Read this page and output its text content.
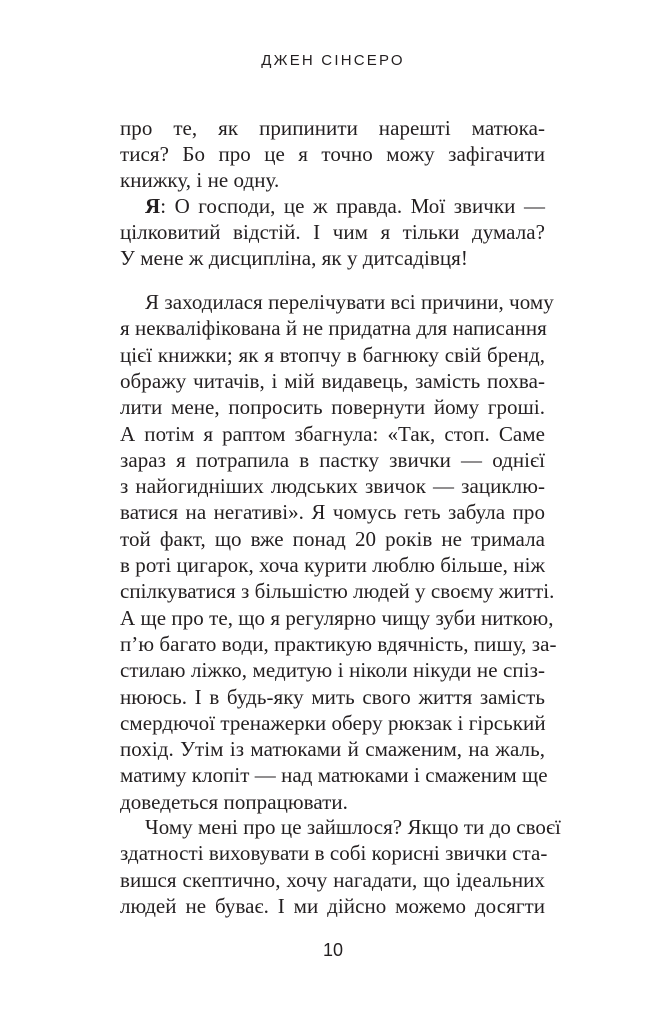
ДЖЕН СІНСЕРО
про те, як припинити нарешті матюка-
тися? Бо про це я точно можу зафігачити
книжку, і не одну.
Я: О господи, це ж правда. Мої звички —
цілковитий відстій. І чим я тільки думала?
У мене ж дисципліна, як у дитсадівця!
Я заходилася перелічувати всі причини, чому
я некваліфікована й не придатна для написання
цієї книжки; як я втопчу в багнюку свій бренд,
ображу читачів, і мій видавець, замість похва-
лити мене, попросить повернути йому гроші.
А потім я раптом збагнула: «Так, стоп. Саме
зараз я потрапила в пастку звички — однієї
з найогидніших людських звичок — зациклю-
ватися на негативі». Я чомусь геть забула про
той факт, що вже понад 20 років не тримала
в роті цигарок, хоча курити люблю більше, ніж
спілкуватися з більшістю людей у своєму житті.
А ще про те, що я регулярно чищу зуби ниткою,
п’ю багато води, практикую вдячність, пишу, за-
стилаю ліжко, медитую і ніколи нікуди не спіз-
нююсь. І в будь-яку мить свого життя замість
смердючої тренажерки оберу рюкзак і гірський
похід. Утім із матюками й смаженим, на жаль,
матиму клопіт — над матюками і смаженим ще
доведеться попрацювати.
Чому мені про це зайшлося? Якщо ти до своєї
здатності виховувати в собі корисні звички ста-
вишся скептично, хочу нагадати, що ідеальних
людей не буває. І ми дійсно можемо досягти
10
